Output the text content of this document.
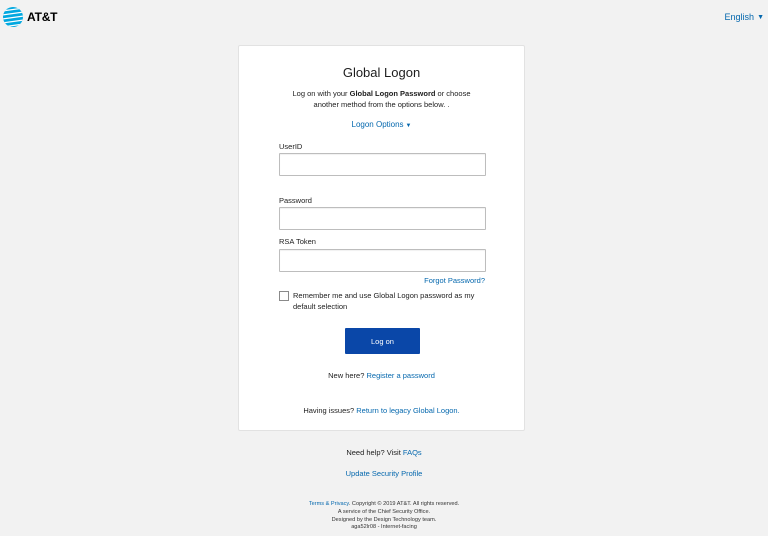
AT&T	English ▼
Global Logon
Log on with your Global Logon Password or choose another method from the options below. .
Logon Options ▼
UserID
Password
RSA Token
Forgot Password?
Remember me and use Global Logon password as my default selection
Log on
New here? Register a password
Having issues? Return to legacy Global Logon.
Need help? Visit FAQs
Update Security Profile
Terms & Privacy. Copyright © 2019 AT&T. All rights reserved.
A service of the Chief Security Office.
Designed by the Design Technology team.
aga52lr08 - Internet-facing
